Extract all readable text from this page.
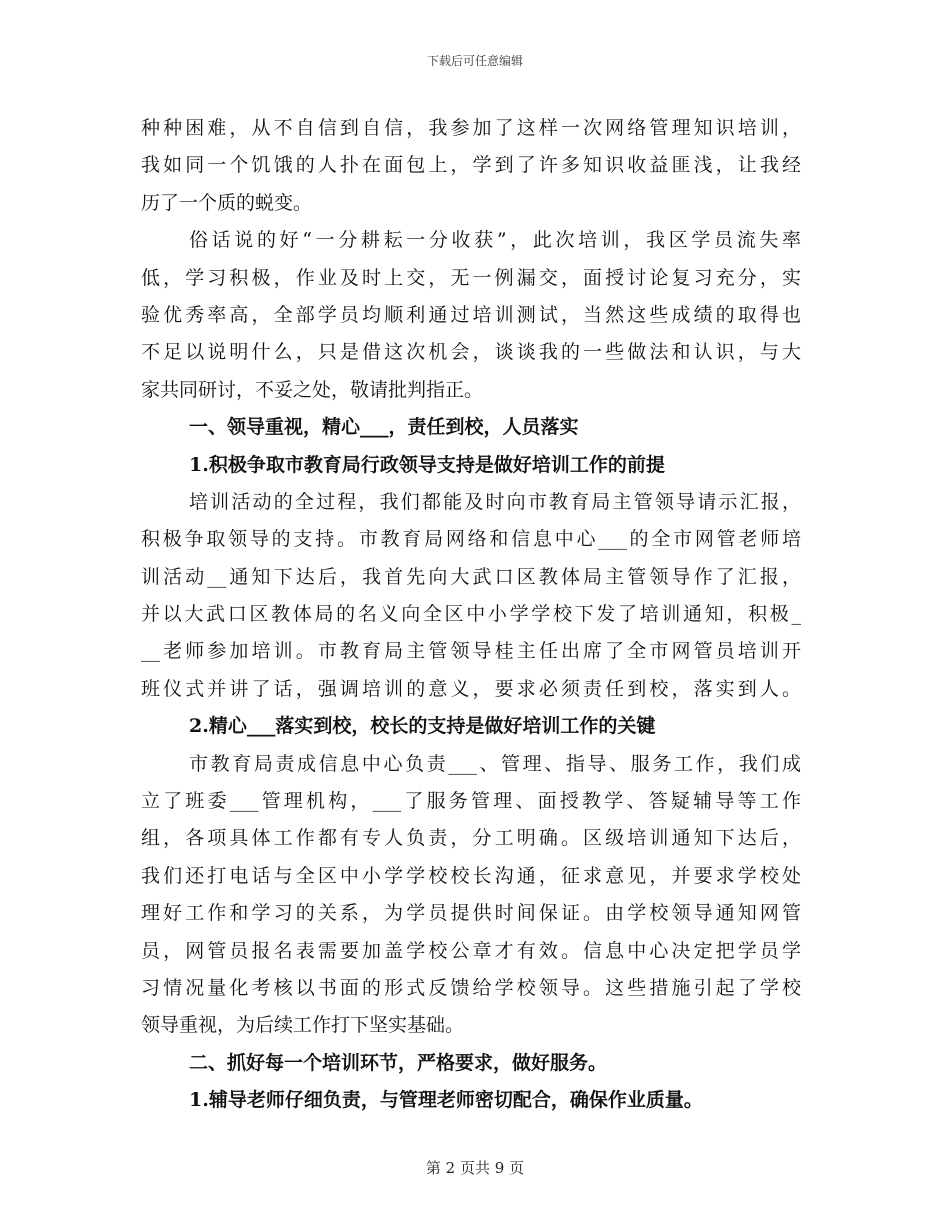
下载后可任意编辑
种种困难，从不自信到自信，我参加了这样一次网络管理知识培训，
我如同一个饥饿的人扑在面包上，学到了许多知识收益匪浅，让我经
历了一个质的蜕变。
俗话说的好“一分耕耘一分收获”，此次培训，我区学员流失率
低，学习积极，作业及时上交，无一例漏交，面授讨论复习充分，实
验优秀率高，全部学员均顺利通过培训测试，当然这些成绩的取得也
不足以说明什么，只是借这次机会，谈谈我的一些做法和认识，与大
家共同研讨，不妥之处，敬请批判指正。
一、领导重视，精心___，责任到校，人员落实
1.积极争取市教育局行政领导支持是做好培训工作的前提
培训活动的全过程，我们都能及时向市教育局主管领导请示汇报，
积极争取领导的支持。市教育局网络和信息中心___的全市网管老师培
训活动__通知下达后，我首先向大武口区教体局主管领导作了汇报，
并以大武口区教体局的名义向全区中小学学校下发了培训通知，积极_
__老师参加培训。市教育局主管领导桂主任出席了全市网管员培训开
班仪式并讲了话，强调培训的意义，要求必须责任到校，落实到人。
2.精心___落实到校，校长的支持是做好培训工作的关键
市教育局责成信息中心负责___、管理、指导、服务工作，我们成
立了班委___管理机构，___了服务管理、面授教学、答疑辅导等工作
组，各项具体工作都有专人负责，分工明确。区级培训通知下达后，
我们还打电话与全区中小学学校校长沟通，征求意见，并要求学校处
理好工作和学习的关系，为学员提供时间保证。由学校领导通知网管
员，网管员报名表需要加盖学校公章才有效。信息中心决定把学员学
习情况量化考核以书面的形式反馈给学校领导。这些措施引起了学校
领导重视，为后续工作打下坚实基础。
二、抓好每一个培训环节，严格要求，做好服务。
1.辅导老师仔细负责，与管理老师密切配合，确保作业质量。
第 2 页共 9 页
